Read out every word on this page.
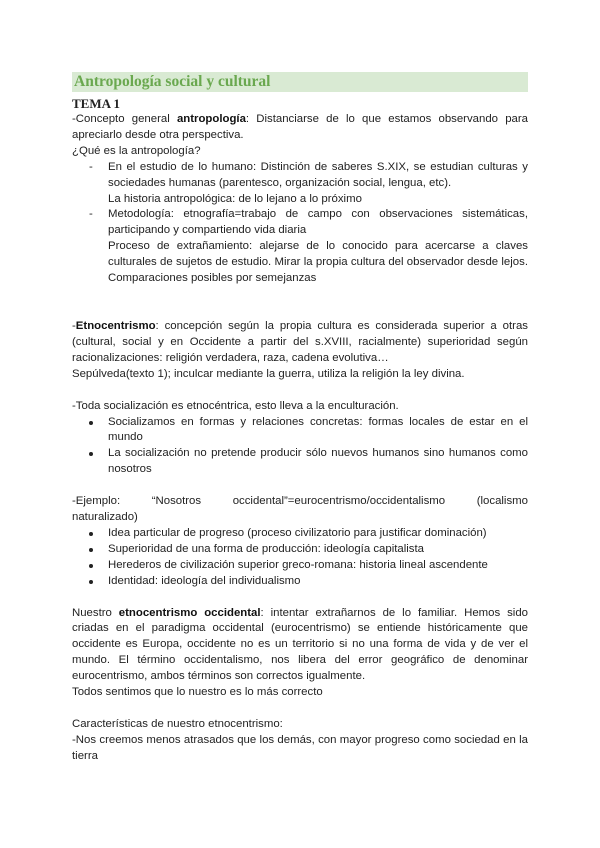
Antropología social y cultural
TEMA 1

-Concepto general antropología: Distanciarse de lo que estamos observando para apreciarlo desde otra perspectiva.

¿Qué es la antropología?

- En el estudio de lo humano: Distinción de saberes S.XIX, se estudian culturas y sociedades humanas (parentesco, organización social, lengua, etc).

La historia antropológica: de lo lejano a lo próximo

- Metodología: etnografía=trabajo de campo con observaciones sistemáticas, participando y compartiendo vida diaria

Proceso de extrañamiento: alejarse de lo conocido para acercarse a claves culturales de sujetos de estudio. Mirar la propia cultura del observador desde lejos. Comparaciones posibles por semejanzas

-Etnocentrismo: concepción según la propia cultura es considerada superior a otras (cultural, social y en Occidente a partir del s.XVIII, racialmente) superioridad según racionalizaciones: religión verdadera, raza, cadena evolutiva…

Sepúlveda(texto 1); inculcar mediante la guerra, utiliza la religión la ley divina.

-Toda socialización es etnocéntrica, esto lleva a la enculturación.

Socializamos en formas y relaciones concretas: formas locales de estar en el mundo
La socialización no pretende producir sólo nuevos humanos sino humanos como nosotros

-Ejemplo: “Nosotros occidental”=eurocentrismo/occidentalismo (localismo

naturalizado)

Idea particular de progreso (proceso civilizatorio para justificar dominación)
Superioridad de una forma de producción: ideología capitalista
Herederos de civilización superior greco-romana: historia lineal ascendente
Identidad: ideología del individualismo

Nuestro etnocentrismo occidental: intentar extrañarnos de lo familiar. Hemos sido criadas en el paradigma occidental (eurocentrismo) se entiende históricamente que occidente es Europa, occidente no es un territorio si no una forma de vida y de ver el mundo. El término occidentalismo, nos libera del error geográfico de denominar eurocentrismo, ambos términos son correctos igualmente.

Todos sentimos que lo nuestro es lo más correcto

Características de nuestro etnocentrismo:

-Nos creemos menos atrasados que los demás, con mayor progreso como sociedad en la tierra
